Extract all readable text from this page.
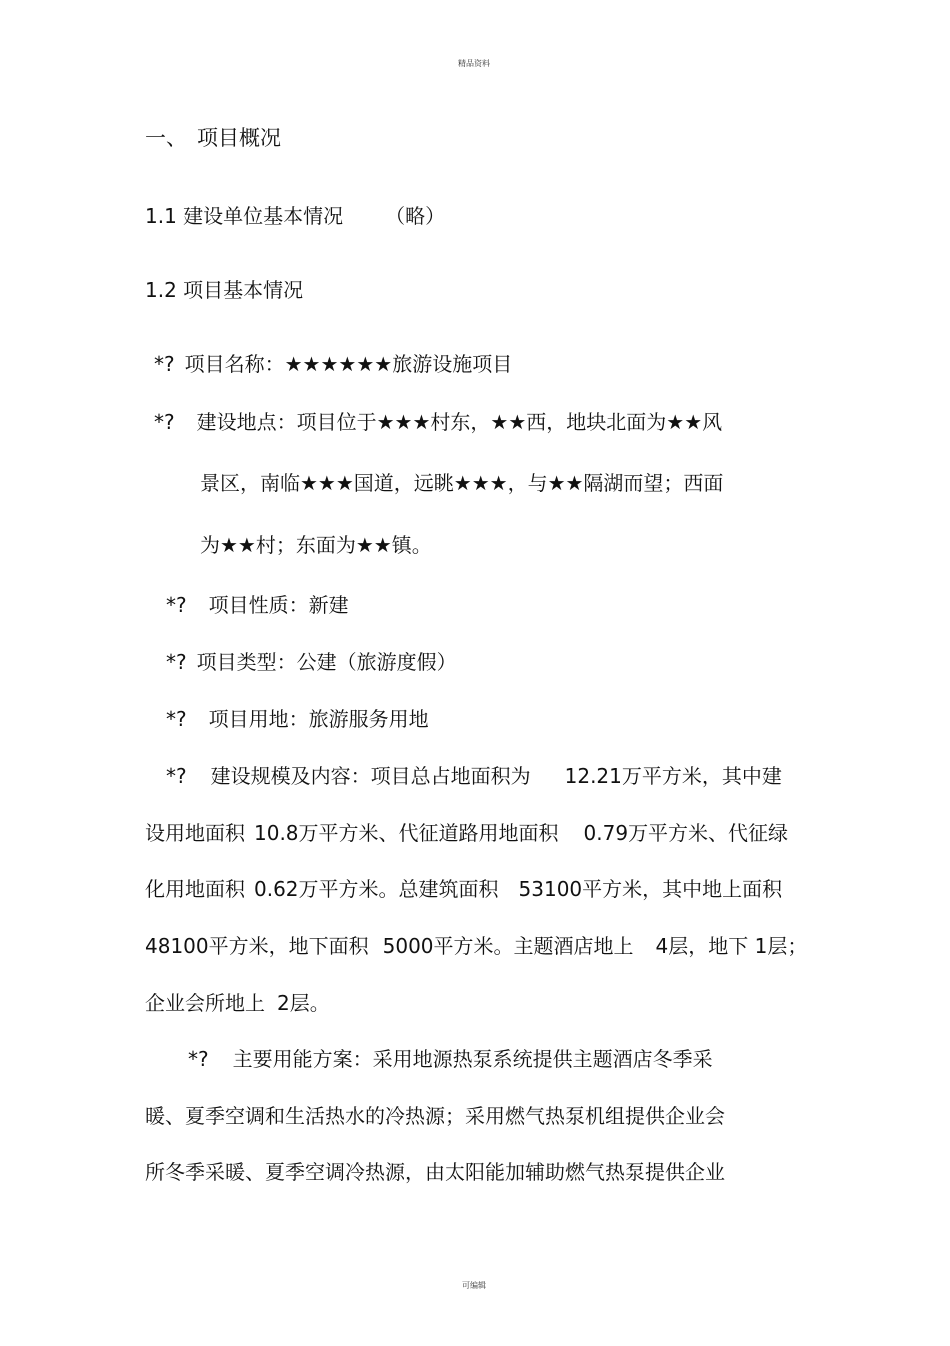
精品资料
一、 项目概况
1.1 建设单位基本情况 （略）
1.2 项目基本情况
*? 项目名称：★★★★★★旅游设施项目
*? 建设地点：项目位于★★★村东，★★西，地块北面为★★风
景区，南临★★★国道，远眺★★★，与★★隔湖而望；西面
为★★村；东面为★★镇。
*? 项目性质：新建
*? 项目类型：公建（旅游度假）
*? 项目用地：旅游服务用地
*? 建设规模及内容：项目总占地面积为 12.21万平方米，其中建
设用地面积 10.8万平方米、代征道路用地面积 0.79万平方米、代征绿
化用地面积 0.62万平方米。总建筑面积 53100平方米，其中地上面积
48100平方米，地下面积 5000平方米。主题酒店地上 4层，地下 1层；
企业会所地上 2层。
*? 主要用能方案：采用地源热泵系统提供主题酒店冬季采
暖、夏季空调和生活热水的冷热源；采用燃气热泵机组提供企业会
所冬季采暖、夏季空调冷热源，由太阳能加辅助燃气热泵提供企业
可编辑
